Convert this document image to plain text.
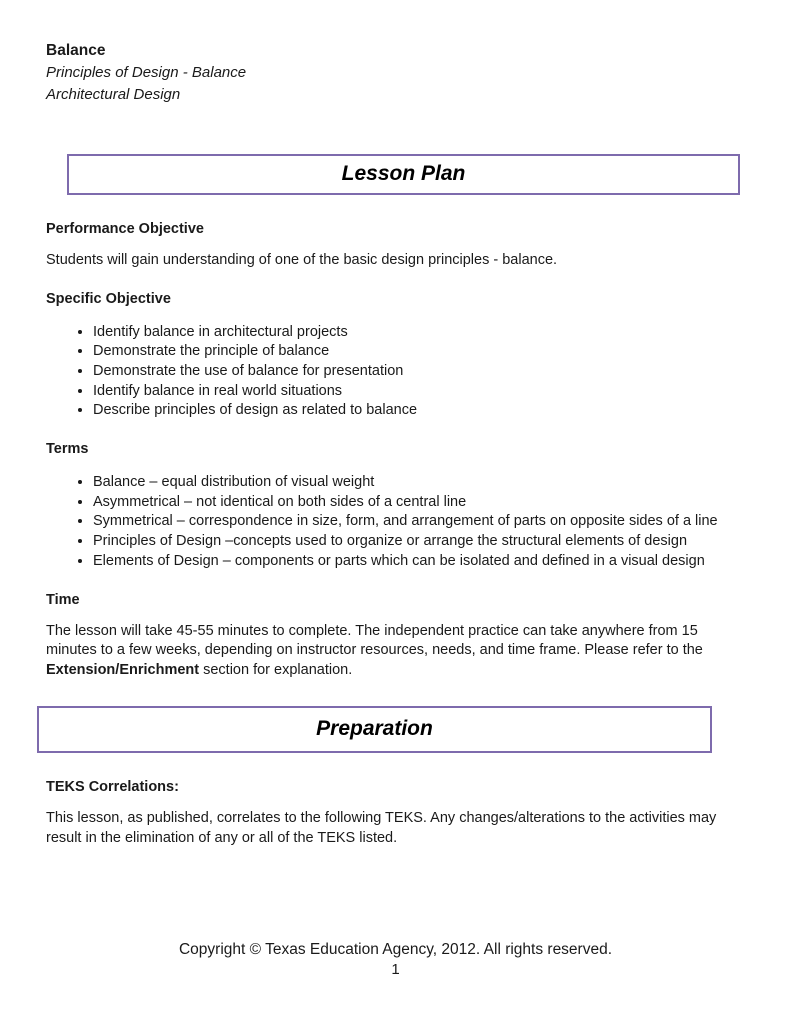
Balance
Principles of Design - Balance
Architectural Design
Lesson Plan
Performance Objective
Students will gain understanding of one of the basic design principles - balance.
Specific Objective
• Identify balance in architectural projects
• Demonstrate the principle of balance
• Demonstrate the use of balance for presentation
• Identify balance in real world situations
• Describe principles of design as related to balance
Terms
• Balance – equal distribution of visual weight
• Asymmetrical – not identical on both sides of a central line
• Symmetrical – correspondence in size, form, and arrangement of parts on opposite sides of a line
• Principles of Design –concepts used to organize or arrange the structural elements of design
• Elements of Design – components or parts which can be isolated and defined in a visual design
Time
The lesson will take 45-55 minutes to complete. The independent practice can take anywhere from 15 minutes to a few weeks, depending on instructor resources, needs, and time frame. Please refer to the Extension/Enrichment section for explanation.
Preparation
TEKS Correlations:
This lesson, as published, correlates to the following TEKS. Any changes/alterations to the activities may result in the elimination of any or all of the TEKS listed.
Copyright © Texas Education Agency, 2012. All rights reserved.
1
